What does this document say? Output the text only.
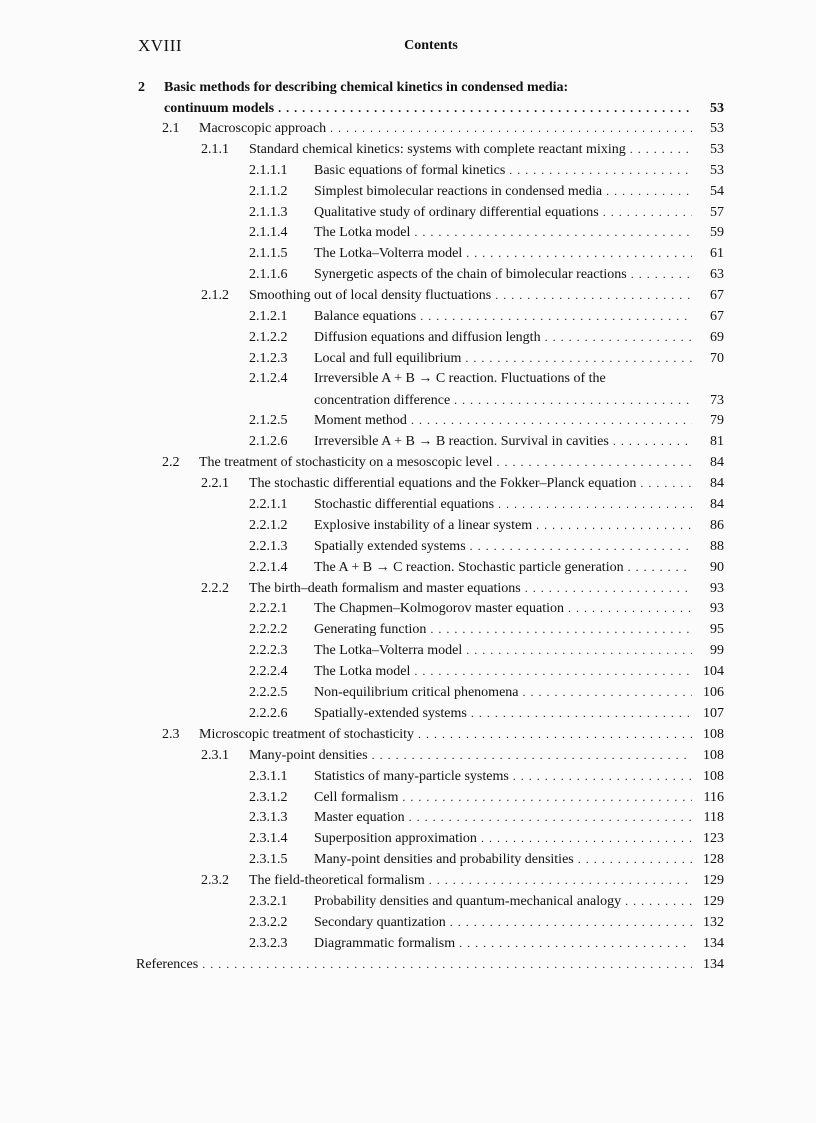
XVIII	Contents
2 Basic methods for describing chemical kinetics in condensed media:
continuum models . . .	53
2.1	Macroscopic approach . . .	53
2.1.1	Standard chemical kinetics: systems with complete reactant mixing . . .	53
2.1.1.1	Basic equations of formal kinetics . . .	53
2.1.1.2	Simplest bimolecular reactions in condensed media . . .	54
2.1.1.3	Qualitative study of ordinary differential equations . . .	57
2.1.1.4	The Lotka model . . .	59
2.1.1.5	The Lotka–Volterra model . . .	61
2.1.1.6	Synergetic aspects of the chain of bimolecular reactions . . .	63
2.1.2	Smoothing out of local density fluctuations . . .	67
2.1.2.1	Balance equations . . .	67
2.1.2.2	Diffusion equations and diffusion length . . .	69
2.1.2.3	Local and full equilibrium . . .	70
2.1.2.4	Irreversible A + B → C reaction. Fluctuations of the
concentration difference . . .	73
2.1.2.5	Moment method . . .	79
2.1.2.6	Irreversible A + B → B reaction. Survival in cavities . . .	81
2.2	The treatment of stochasticity on a mesoscopic level . . .	84
2.2.1	The stochastic differential equations and the Fokker–Planck equation . . .	84
2.2.1.1	Stochastic differential equations . . .	84
2.2.1.2	Explosive instability of a linear system . . .	86
2.2.1.3	Spatially extended systems . . .	88
2.2.1.4	The A + B → C reaction. Stochastic particle generation . . .	90
2.2.2	The birth–death formalism and master equations . . .	93
2.2.2.1	The Chapmen–Kolmogorov master equation . . .	93
2.2.2.2	Generating function . . .	95
2.2.2.3	The Lotka–Volterra model . . .	99
2.2.2.4	The Lotka model . . .	104
2.2.2.5	Non-equilibrium critical phenomena . . .	106
2.2.2.6	Spatially-extended systems . . .	107
2.3	Microscopic treatment of stochasticity . . .	108
2.3.1	Many-point densities . . .	108
2.3.1.1	Statistics of many-particle systems . . .	108
2.3.1.2	Cell formalism . . .	116
2.3.1.3	Master equation . . .	118
2.3.1.4	Superposition approximation . . .	123
2.3.1.5	Many-point densities and probability densities . . .	128
2.3.2	The field-theoretical formalism . . .	129
2.3.2.1	Probability densities and quantum-mechanical analogy . . .	129
2.3.2.2	Secondary quantization . . .	132
2.3.2.3	Diagrammatic formalism . . .	134
References . . .	134
